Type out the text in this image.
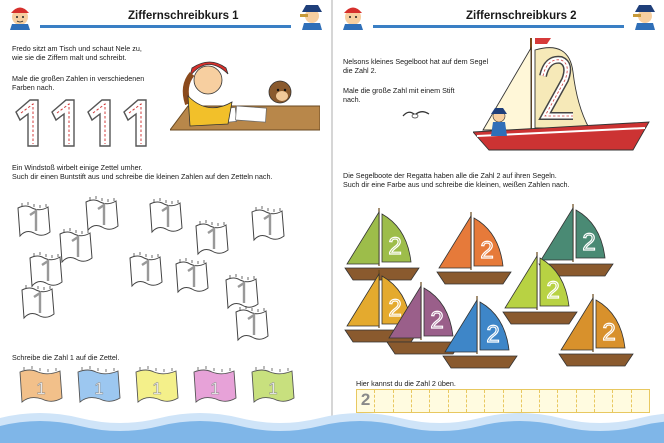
Ziffernschreibkurs 1
Fredo sitzt am Tisch und schaut Nele zu,
wie sie die Ziffern malt und schreibt.
Male die großen Zahlen in verschiedenen
Farben nach.
Ein Windstoß wirbelt einige Zettel umher.
Such dir einen Buntstift aus und schreibe die kleinen Zahlen auf den Zetteln nach.
Schreibe die Zahl 1 auf die Zettel.
1	1	1	1	1
Ziffernschreibkurs 2
Nelsons kleines Segelboot hat auf dem Segel
die Zahl 2.
Male die große Zahl mit einem Stift
nach.
Die Segelboote der Regatta haben alle die Zahl 2 auf ihren Segeln.
Such dir eine Farbe aus und schreibe die kleinen, weißen Zahlen nach.
2	2	2
2
2
2
2	2
Hier kannst du die Zahl 2 üben.
2
